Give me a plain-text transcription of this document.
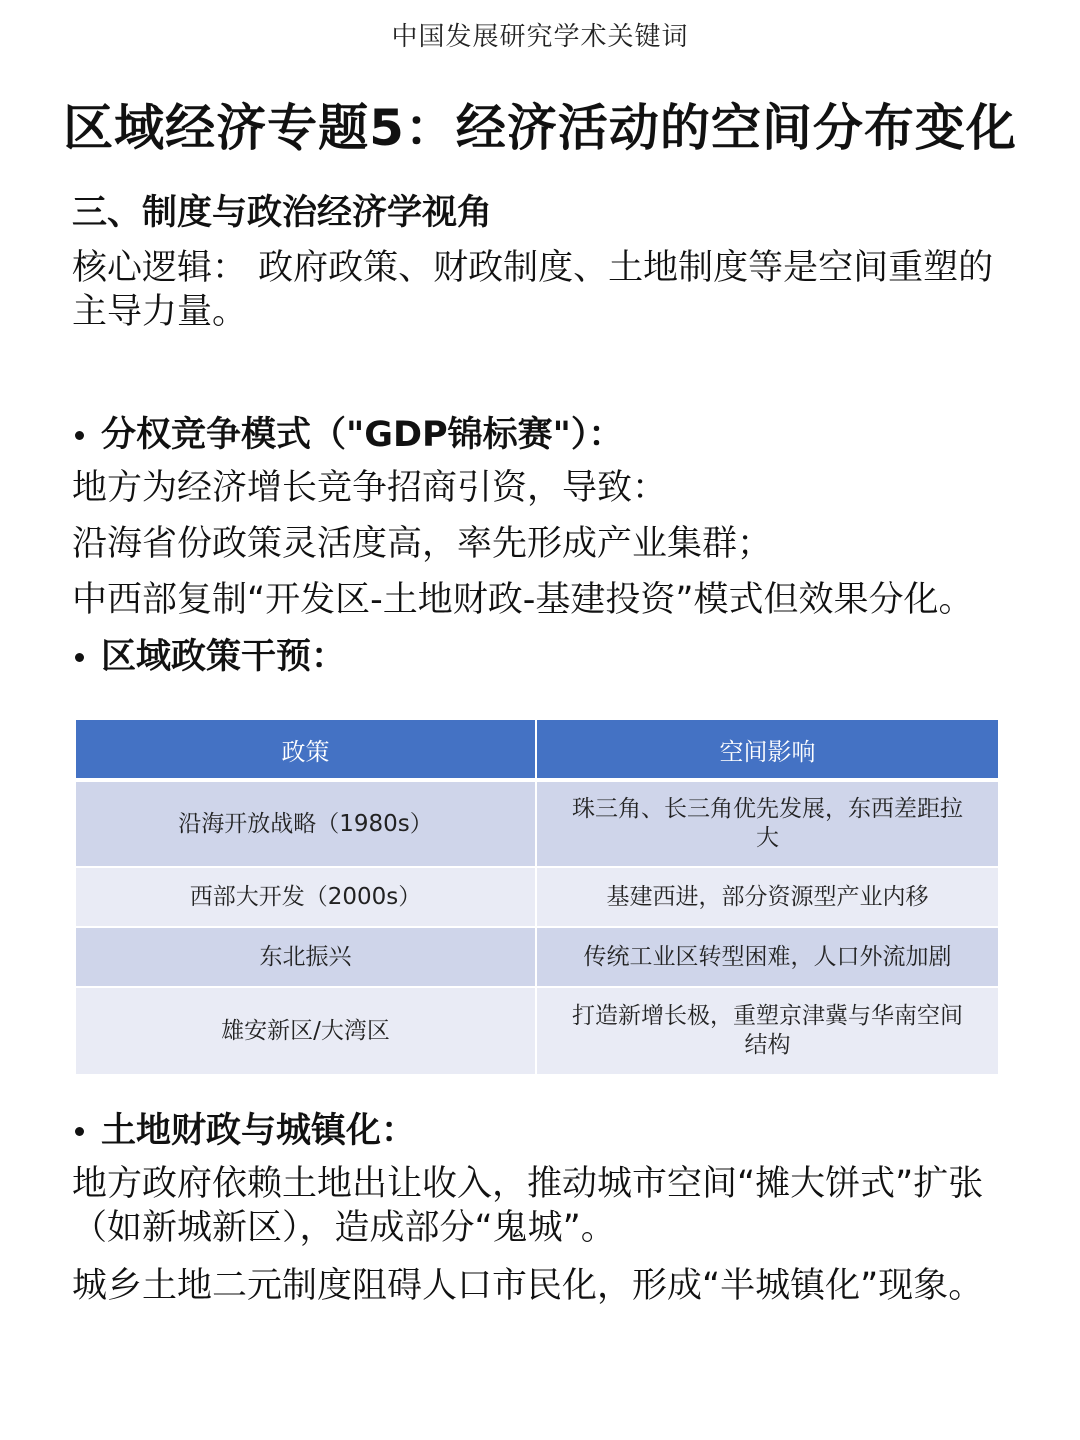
中国发展研究学术关键词
区域经济专题5：经济活动的空间分布变化

三、制度与政治经济学视角

核心逻辑： 政府政策、财政制度、土地制度等是空间重塑的主导力量。

分权竞争模式（"GDP锦标赛"）：

地方为经济增长竞争招商引资，导致：

沿海省份政策灵活度高，率先形成产业集群；

中西部复制“开发区-土地财政-基建投资”模式但效果分化。

区域政策干预：
政策	空间影响
沿海开放战略（1980s）	珠三角、长三角优先发展，东西差距拉大
西部大开发（2000s）	基建西进，部分资源型产业内移
东北振兴	传统工业区转型困难，人口外流加剧
雄安新区/大湾区	打造新增长极，重塑京津冀与华南空间结构
土地财政与城镇化：

地方政府依赖土地出让收入，推动城市空间“摊大饼式”扩张（如新城新区），造成部分“鬼城”。

城乡土地二元制度阻碍人口市民化，形成“半城镇化”现象。
